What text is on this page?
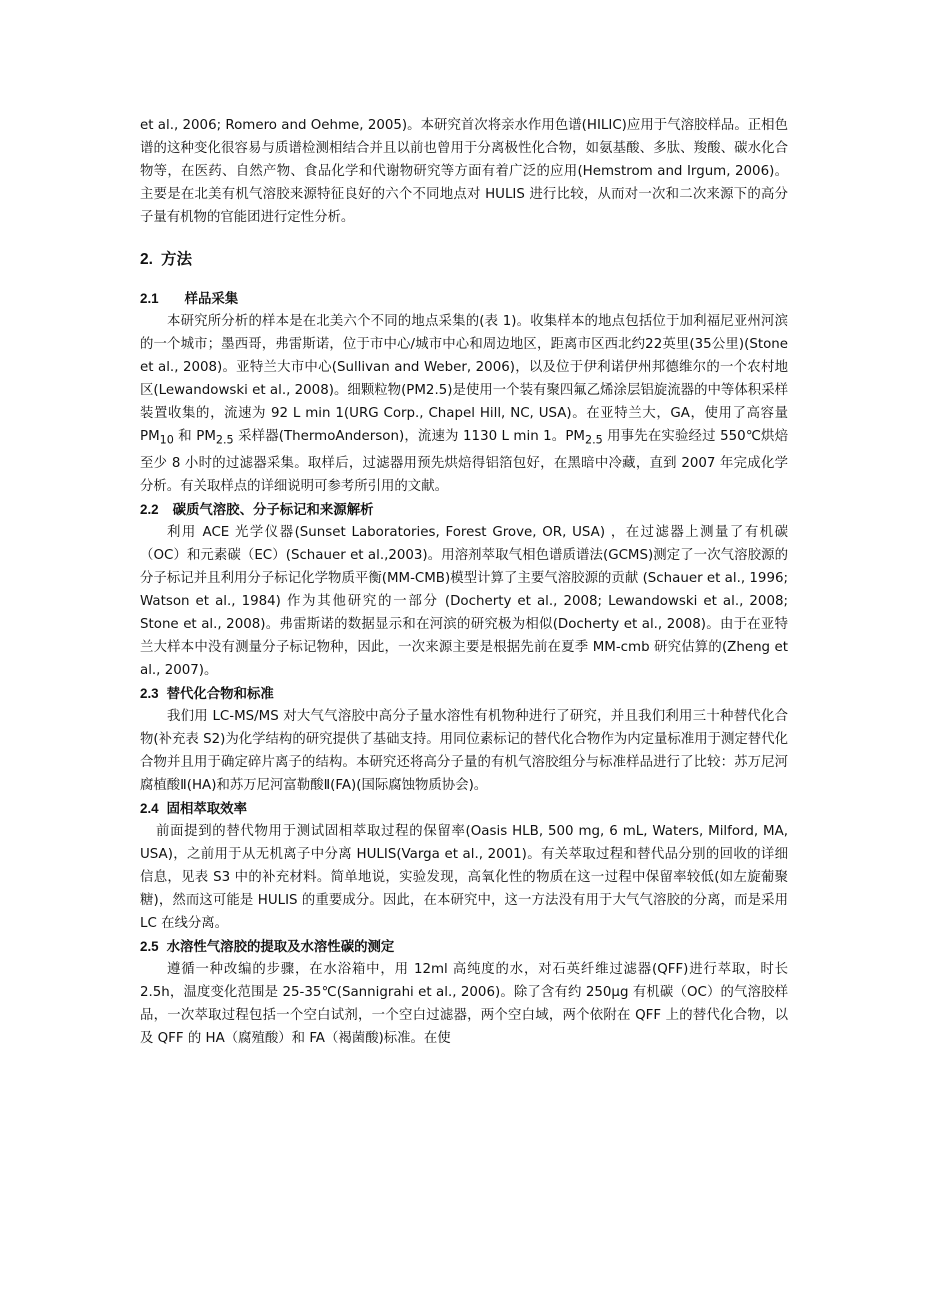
et al., 2006; Romero and Oehme, 2005)。本研究首次将亲水作用色谱(HILIC)应用于气溶胶样品。正相色谱的这种变化很容易与质谱检测相结合并且以前也曾用于分离极性化合物，如氨基酸、多肽、羧酸、碳水化合物等，在医药、自然产物、食品化学和代谢物研究等方面有着广泛的应用(Hemstrom and Irgum, 2006)。主要是在北美有机气溶胶来源特征良好的六个不同地点对 HULIS 进行比较，从而对一次和二次来源下的高分子量有机物的官能团进行定性分析。

2. 方法
2.1 样品采集

本研究所分析的样本是在北美六个不同的地点采集的(表 1)。收集样本的地点包括位于加利福尼亚州河滨的一个城市；墨西哥，弗雷斯诺，位于市中心/城市中心和周边地区，距离市区西北约22英里(35公里)(Stone et al., 2008)。亚特兰大市中心(Sullivan and Weber, 2006)，以及位于伊利诺伊州邦德维尔的一个农村地区(Lewandowski et al., 2008)。细颗粒物(PM2.5)是使用一个装有聚四氟乙烯涂层铝旋流器的中等体积采样装置收集的，流速为 92 L min 1(URG Corp., Chapel Hill, NC, USA)。在亚特兰大，GA，使用了高容量 $PM_{10}$ 和 $PM_{2.5}$ 采样器(ThermoAnderson)，流速为 1130 L min 1。$PM_{2.5}$ 用事先在实验经过 550℃烘焙至少 8 小时的过滤器采集。取样后，过滤器用预先烘焙得铝箔包好，在黑暗中冷藏，直到 2007 年完成化学分析。有关取样点的详细说明可参考所引用的文献。

2.2 碳质气溶胶、分子标记和来源解析

利用 ACE 光学仪器(Sunset Laboratories, Forest Grove, OR, USA) ，在过滤器上测量了有机碳（OC）和元素碳（EC）(Schauer et al.,2003)。用溶剂萃取气相色谱质谱法(GCMS)测定了一次气溶胶源的分子标记并且利用分子标记化学物质平衡(MM-CMB)模型计算了主要气溶胶源的贡献 (Schauer et al., 1996; Watson et al., 1984) 作为其他研究的一部分 (Docherty et al., 2008; Lewandowski et al., 2008; Stone et al., 2008)。弗雷斯诺的数据显示和在河滨的研究极为相似(Docherty et al., 2008)。由于在亚特兰大样本中没有测量分子标记物种，因此，一次来源主要是根据先前在夏季 MM-cmb 研究估算的(Zheng et al., 2007)。

2.3 替代化合物和标准

我们用 LC-MS/MS 对大气气溶胶中高分子量水溶性有机物种进行了研究，并且我们利用三十种替代化合物(补充表 S2)为化学结构的研究提供了基础支持。用同位素标记的替代化合物作为内定量标准用于测定替代化合物并且用于确定碎片离子的结构。本研究还将高分子量的有机气溶胶组分与标准样品进行了比较：苏万尼河腐植酸Ⅱ(HA)和苏万尼河富勒酸Ⅱ(FA)(国际腐蚀物质协会)。

2.4 固相萃取效率

前面提到的替代物用于测试固相萃取过程的保留率(Oasis HLB, 500 mg, 6 mL, Waters, Milford, MA, USA)，之前用于从无机离子中分离 HULIS(Varga et al., 2001)。有关萃取过程和替代品分别的回收的详细信息，见表 S3 中的补充材料。简单地说，实验发现，高氧化性的物质在这一过程中保留率较低(如左旋葡聚糖)，然而这可能是 HULIS 的重要成分。因此，在本研究中，这一方法没有用于大气气溶胶的分离，而是采用 LC 在线分离。

2.5 水溶性气溶胶的提取及水溶性碳的测定

遵循一种改编的步骤，在水浴箱中，用 12ml 高纯度的水，对石英纤维过滤器(QFF)进行萃取，时长 2.5h，温度变化范围是 25-35℃(Sannigrahi et al., 2006)。除了含有约 250μg 有机碳（OC）的气溶胶样品，一次萃取过程包括一个空白试剂，一个空白过滤器，两个空白域，两个依附在 QFF 上的替代化合物，以及 QFF 的 HA（腐殖酸）和 FA（褐菌酸)标准。在使
